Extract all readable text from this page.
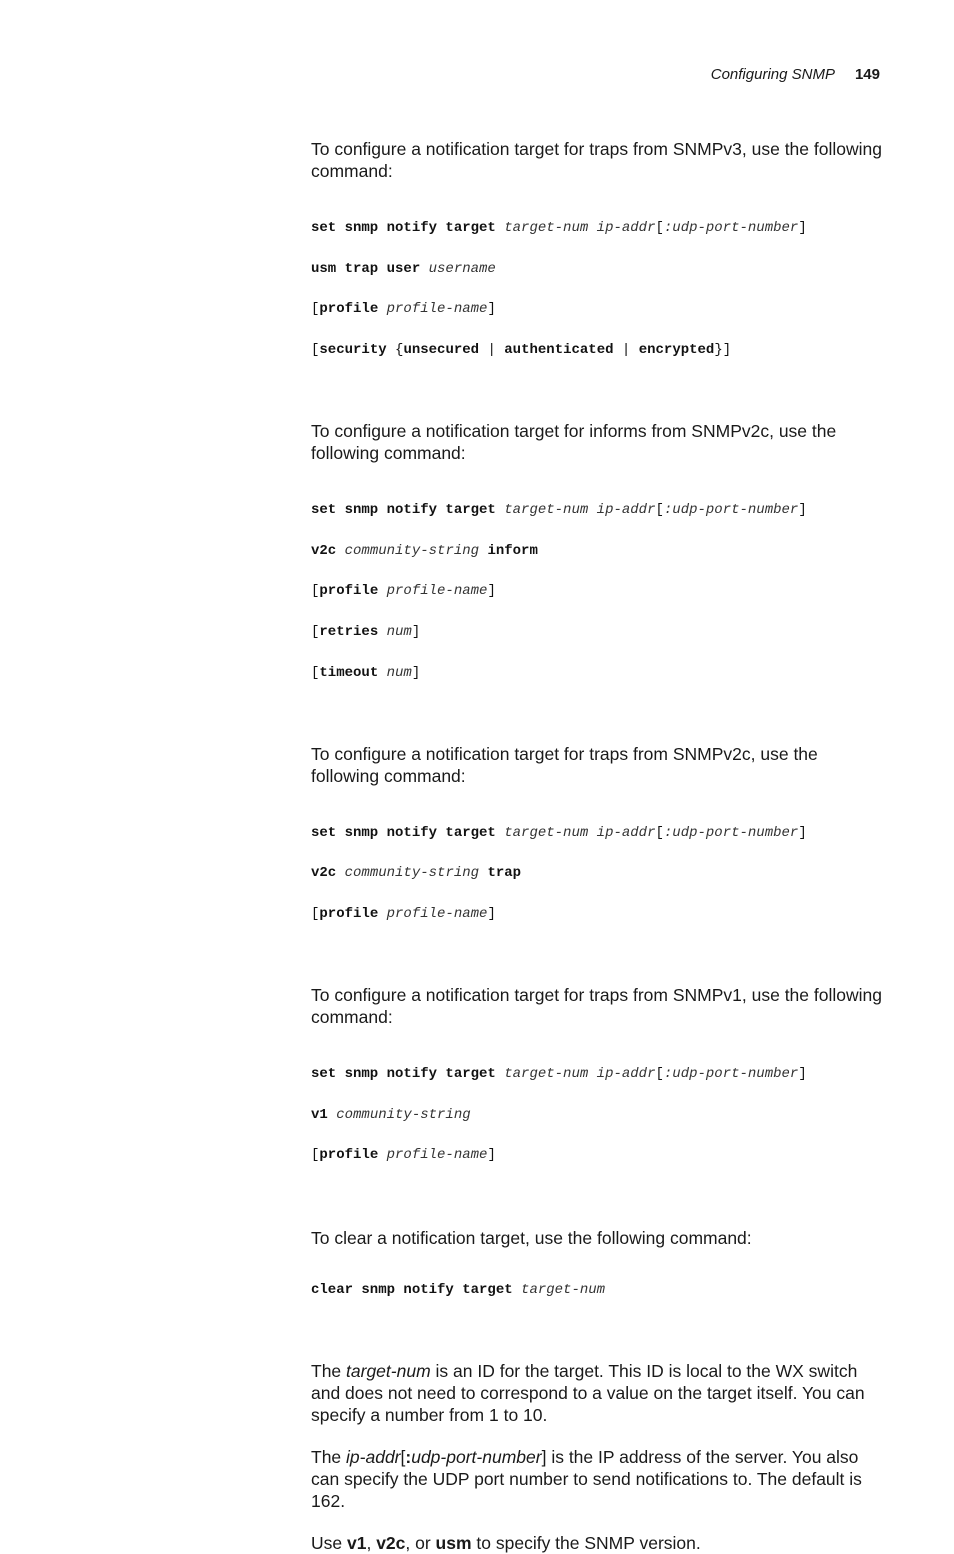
Configuring SNMP 149

To configure a notification target for traps from SNMPv3, use the following command:

set snmp notify target target-num ip-addr[:udp-port-number]

usm trap user username

[profile profile-name]

[security {unsecured | authenticated | encrypted}]

To configure a notification target for informs from SNMPv2c, use the following command:

set snmp notify target target-num ip-addr[:udp-port-number]

v2c community-string inform

[profile profile-name]

[retries num]

[timeout num]

To configure a notification target for traps from SNMPv2c, use the following command:

set snmp notify target target-num ip-addr[:udp-port-number]

v2c community-string trap

[profile profile-name]

To configure a notification target for traps from SNMPv1, use the following command:

set snmp notify target target-num ip-addr[:udp-port-number]

v1 community-string

[profile profile-name]

To clear a notification target, use the following command:

clear snmp notify target target-num

The target-num is an ID for the target. This ID is local to the WX switch and does not need to correspond to a value on the target itself. You can specify a number from 1 to 10.

The ip-addr[:udp-port-number] is the IP address of the server. You also can specify the UDP port number to send notifications to. The default is 162.

Use v1, v2c, or usm to specify the SNMP version.
